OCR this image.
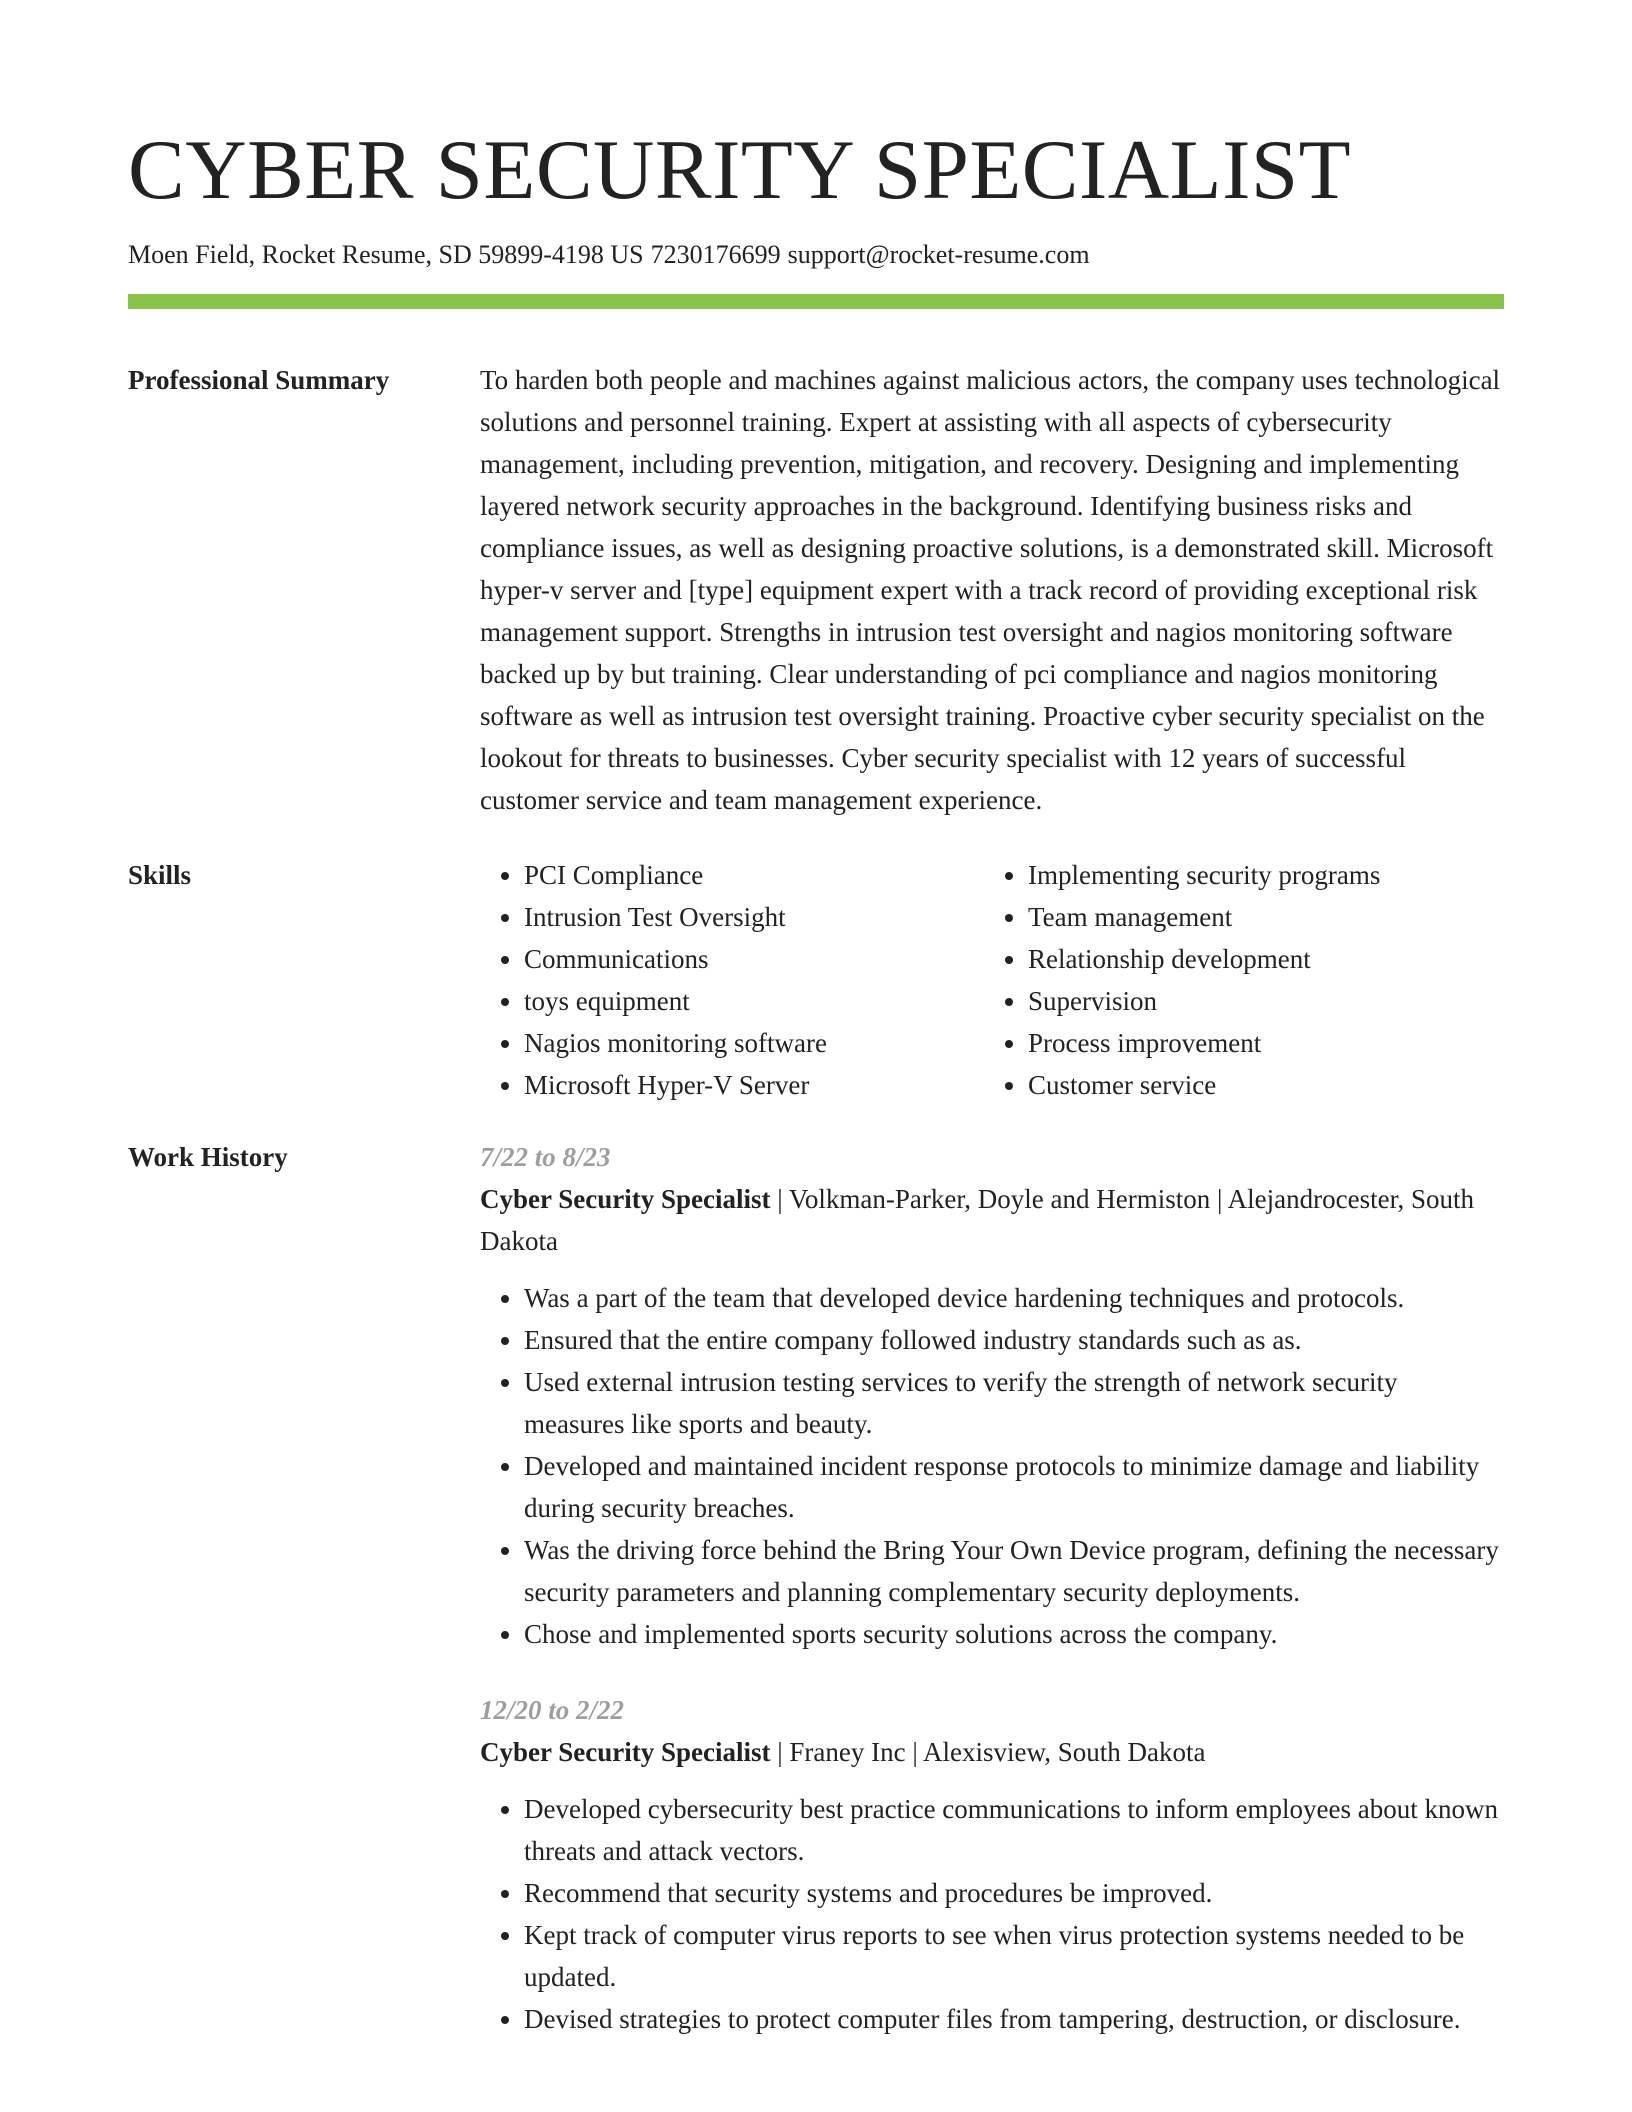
CYBER SECURITY SPECIALIST
Moen Field, Rocket Resume, SD 59899-4198 US 7230176699 support@rocket-resume.com
Professional Summary	To harden both people and machines against malicious actors, the company uses technological solutions and personnel training. Expert at assisting with all aspects of cybersecurity management, including prevention, mitigation, and recovery. Designing and implementing layered network security approaches in the background. Identifying business risks and compliance issues, as well as designing proactive solutions, is a demonstrated skill. Microsoft hyper-v server and [type] equipment expert with a track record of providing exceptional risk management support. Strengths in intrusion test oversight and nagios monitoring software backed up by but training. Clear understanding of pci compliance and nagios monitoring software as well as intrusion test oversight training. Proactive cyber security specialist on the lookout for threats to businesses. Cyber security specialist with 12 years of successful customer service and team management experience.

Skills
•	PCI Compliance
• Intrusion Test Oversight
• Communications
• toys equipment
• Nagios monitoring software
• Microsoft Hyper-V Server
• Implementing security programs
• Team management
• Relationship development
• Supervision
• Process improvement
• Customer service
Work History	7/22 to 8/23
Cyber Security Specialist | Volkman-Parker, Doyle and Hermiston | Alejandrocester, South Dakota
• Was a part of the team that developed device hardening techniques and protocols.
• Ensured that the entire company followed industry standards such as as.
• Used external intrusion testing services to verify the strength of network security measures like sports and beauty.
• Developed and maintained incident response protocols to minimize damage and liability during security breaches.
• Was the driving force behind the Bring Your Own Device program, defining the necessary security parameters and planning complementary security deployments.
• Chose and implemented sports security solutions across the company.
12/20 to 2/22
Cyber Security Specialist | Franey Inc | Alexisview, South Dakota
• Developed cybersecurity best practice communications to inform employees about known threats and attack vectors.
• Recommend that security systems and procedures be improved.
• Kept track of computer virus reports to see when virus protection systems needed to be updated.
• Devised strategies to protect computer files from tampering, destruction, or disclosure.
